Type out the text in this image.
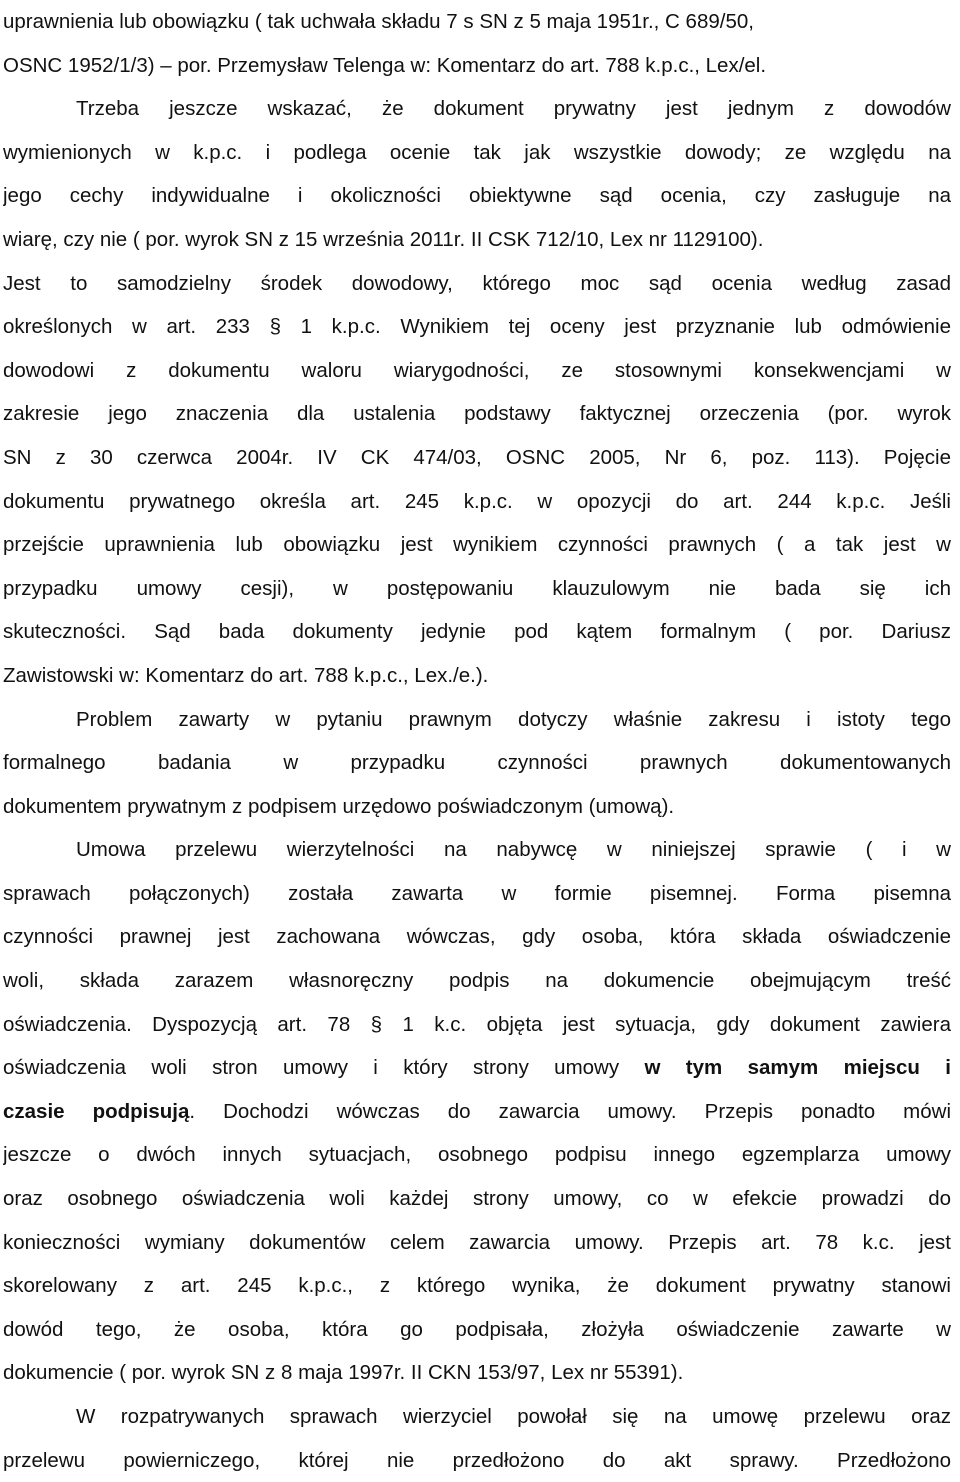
uprawnienia lub obowiązku ( tak uchwała składu 7 s SN z 5 maja 1951r., C 689/50,
OSNC 1952/1/3) – por. Przemysław Telenga w: Komentarz do art. 788 k.p.c., Lex/el.
Trzeba jeszcze wskazać, że dokument prywatny jest jednym z dowodów
wymienionych w k.p.c. i podlega ocenie tak jak wszystkie dowody; ze względu na
jego cechy indywidualne i okoliczności obiektywne sąd ocenia, czy zasługuje na
wiarę, czy nie ( por. wyrok SN z 15 września 2011r. II CSK 712/10, Lex nr 1129100).
Jest to samodzielny środek dowodowy, którego moc sąd ocenia według zasad
określonych w art. 233 § 1 k.p.c. Wynikiem tej oceny jest przyznanie lub odmówienie
dowodowi z dokumentu waloru wiarygodności, ze stosownymi konsekwencjami w
zakresie jego znaczenia dla ustalenia podstawy faktycznej orzeczenia (por. wyrok
SN z 30 czerwca 2004r. IV CK 474/03, OSNC 2005, Nr 6, poz. 113). Pojęcie
dokumentu prywatnego określa art. 245 k.p.c. w opozycji do art. 244 k.p.c. Jeśli
przejście uprawnienia lub obowiązku jest wynikiem czynności prawnych ( a tak jest w
przypadku umowy cesji), w postępowaniu klauzulowym nie bada się ich
skuteczności. Sąd bada dokumenty jedynie pod kątem formalnym ( por. Dariusz
Zawistowski w: Komentarz do art. 788 k.p.c., Lex./e.).
Problem zawarty w pytaniu prawnym dotyczy właśnie zakresu i istoty tego
formalnego badania w przypadku czynności prawnych dokumentowanych
dokumentem prywatnym z podpisem urzędowo poświadczonym (umową).
Umowa przelewu wierzytelności na nabywcę w niniejszej sprawie ( i w
sprawach połączonych) została zawarta w formie pisemnej. Forma pisemna
czynności prawnej jest zachowana wówczas, gdy osoba, która składa oświadczenie
woli, składa zarazem własnoręczny podpis na dokumencie obejmującym treść
oświadczenia. Dyspozycją art. 78 § 1 k.c. objęta jest sytuacja, gdy dokument zawiera
oświadczenia woli stron umowy i który strony umowy w tym samym miejscu i
czasie podpisują. Dochodzi wówczas do zawarcia umowy. Przepis ponadto mówi
jeszcze o dwóch innych sytuacjach, osobnego podpisu innego egzemplarza umowy
oraz osobnego oświadczenia woli każdej strony umowy, co w efekcie prowadzi do
konieczności wymiany dokumentów celem zawarcia umowy. Przepis art. 78 k.c. jest
skorelowany z art. 245 k.p.c., z którego wynika, że dokument prywatny stanowi
dowód tego, że osoba, która go podpisała, złożyła oświadczenie zawarte w
dokumencie ( por. wyrok SN z 8 maja 1997r. II CKN 153/97, Lex nr 55391).
W rozpatrywanych sprawach wierzyciel powołał się na umowę przelewu oraz
przelewu powierniczego, której nie przedłożono do akt sprawy. Przedłożono
